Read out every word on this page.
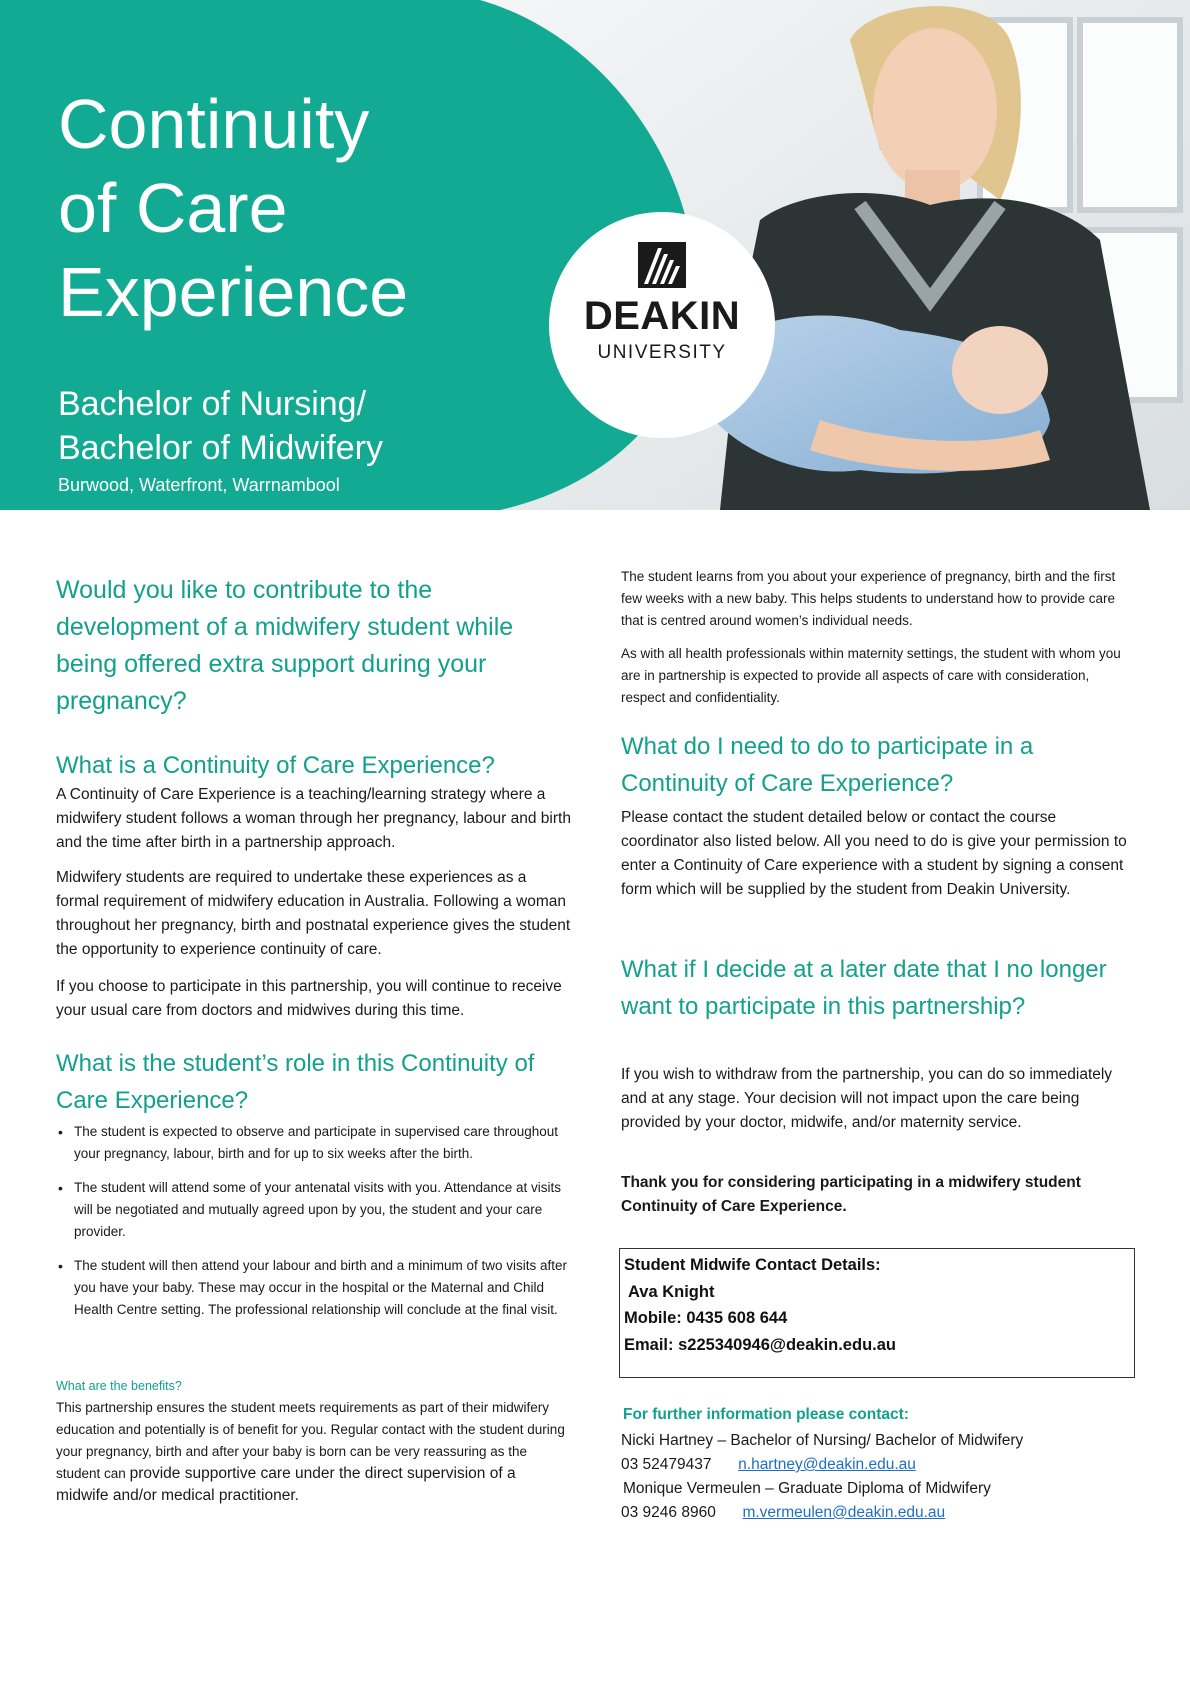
Continuity
of Care
Experience

Bachelor of Nursing/
Bachelor of Midwifery

Burwood, Waterfront, Warrnambool
DEAKIN
UNIVERSITY

Would you like to contribute to the development of a midwifery student while being offered extra support during your pregnancy?

What is a Continuity of Care Experience?

A Continuity of Care Experience is a teaching/learning strategy where a midwifery student follows a woman through her pregnancy, labour and birth and the time after birth in a partnership approach.

Midwifery students are required to undertake these experiences as a formal requirement of midwifery education in Australia. Following a woman throughout her pregnancy, birth and postnatal experience gives the student the opportunity to experience continuity of care.

If you choose to participate in this partnership, you will continue to receive your usual care from doctors and midwives during this time.

What is the student’s role in this Continuity of Care Experience?
• The student is expected to observe and participate in supervised care throughout your pregnancy, labour, birth and for up to six weeks after the birth.
• The student will attend some of your antenatal visits with you. Attendance at visits will be negotiated and mutually agreed upon by you, the student and your care provider.
• The student will then attend your labour and birth and a minimum of two visits after you have your baby. These may occur in the hospital or the Maternal and Child Health Centre setting. The professional relationship will conclude at the final visit.
What are the benefits?

This partnership ensures the student meets requirements as part of their midwifery education and potentially is of benefit for you. Regular contact with the student during your pregnancy, birth and after your baby is born can be very reassuring as the student can provide supportive care under the direct supervision of a midwife and/or medical practitioner.

The student learns from you about your experience of pregnancy, birth and the first few weeks with a new baby. This helps students to understand how to provide care that is centred around women’s individual needs.

As with all health professionals within maternity settings, the student with whom you are in partnership is expected to provide all aspects of care with consideration, respect and confidentiality.

What do I need to do to participate in a Continuity of Care Experience?

Please contact the student detailed below or contact the course coordinator also listed below. All you need to do is give your permission to enter a Continuity of Care experience with a student by signing a consent form which will be supplied by the student from Deakin University.

What if I decide at a later date that I no longer want to participate in this partnership?

If you wish to withdraw from the partnership, you can do so immediately and at any stage. Your decision will not impact upon the care being provided by your doctor, midwife, and/or maternity service.

Thank you for considering participating in a midwifery student Continuity of Care Experience.

Student Midwife Contact Details:

Ava Knight

Mobile: 0435 608 644

Email: s225340946@deakin.edu.au

For further information please contact:
Nicki Hartney – Bachelor of Nursing/ Bachelor of Midwifery
03 52479437 n.hartney@deakin.edu.au
Monique Vermeulen – Graduate Diploma of Midwifery
03 9246 8960 m.vermeulen@deakin.edu.au
